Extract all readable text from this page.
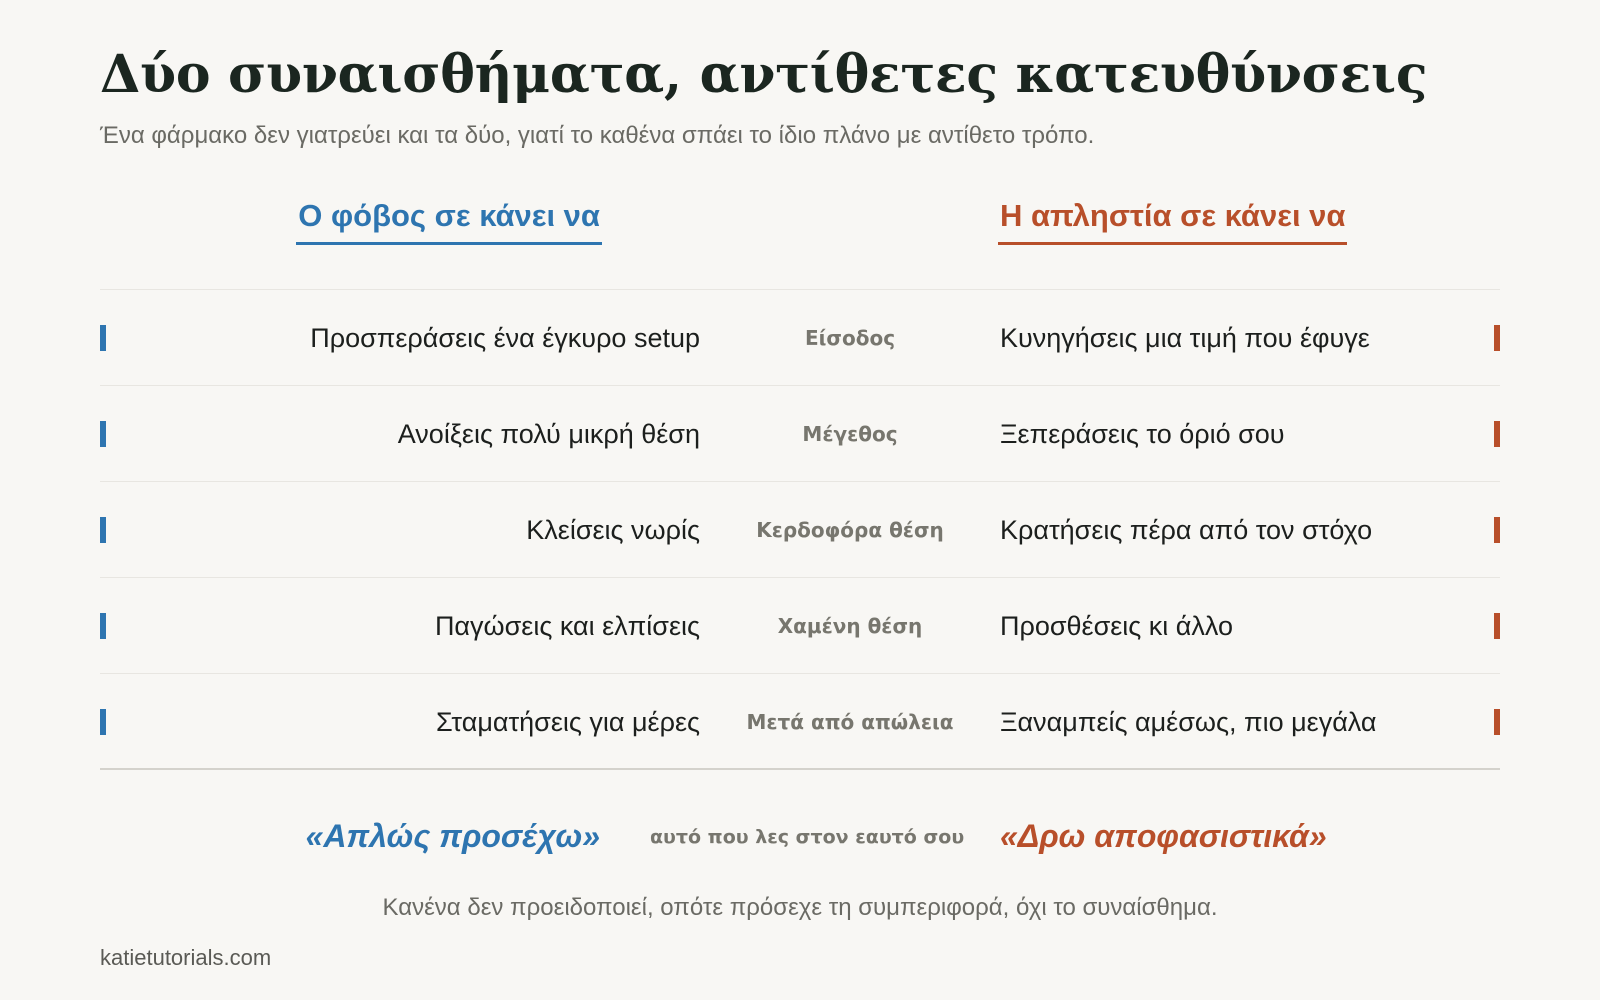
Δύο συναισθήματα, αντίθετες κατευθύνσεις

Ένα φάρμακο δεν γιατρεύει και τα δύο, γιατί το καθένα σπάει το ίδιο πλάνο με αντίθετο τρόπο.

Ο φόβος σε κάνει να	Η απληστία σε κάνει να
Προσπεράσεις ένα έγκυρο setup	Είσοδος	Κυνηγήσεις μια τιμή που έφυγε
Ανοίξεις πολύ μικρή θέση	Μέγεθος	Ξεπεράσεις το όριό σου
Κλείσεις νωρίς	Κερδοφόρα θέση	Κρατήσεις πέρα από τον στόχο
Παγώσεις και ελπίσεις	Χαμένη θέση	Προσθέσεις κι άλλο
Σταματήσεις για μέρες	Μετά από απώλεια	Ξαναμπείς αμέσως, πιο μεγάλα
«Απλώς προσέχω»	αυτό που λες στον εαυτό σου «Δρω αποφασιστικά»

Κανένα δεν προειδοποιεί, οπότε πρόσεχε τη συμπεριφορά, όχι το συναίσθημα.

katietutorials.com
